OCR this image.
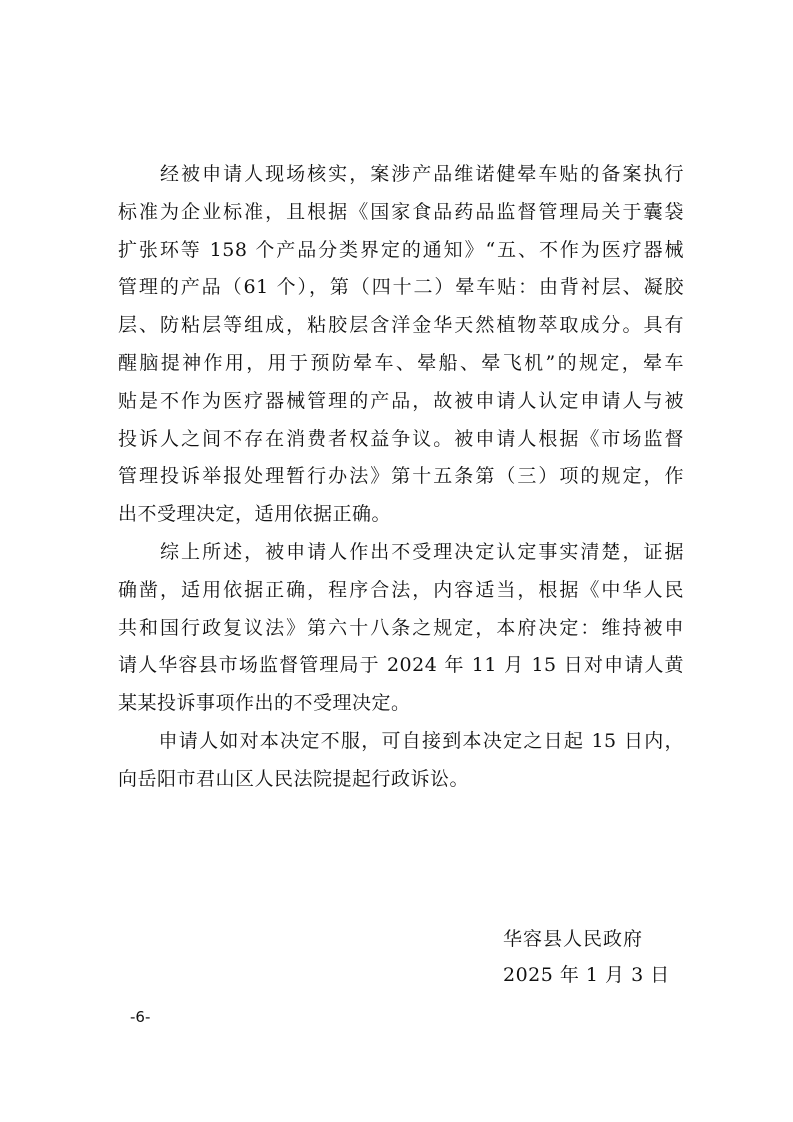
　　经被申请人现场核实，案涉产品维诺健晕车贴的备案执行
标准为企业标准，且根据《国家食品药品监督管理局关于囊袋
扩张环等 158 个产品分类界定的通知》“五、不作为医疗器械
管理的产品（61 个），第（四十二）晕车贴：由背衬层、凝胶
层、防粘层等组成，粘胶层含洋金华天然植物萃取成分。具有
醒脑提神作用，用于预防晕车、晕船、晕飞机”的规定，晕车
贴是不作为医疗器械管理的产品，故被申请人认定申请人与被
投诉人之间不存在消费者权益争议。被申请人根据《市场监督
管理投诉举报处理暂行办法》第十五条第（三）项的规定，作
出不受理决定，适用依据正确。
　　综上所述，被申请人作出不受理决定认定事实清楚，证据
确凿，适用依据正确，程序合法，内容适当，根据《中华人民
共和国行政复议法》第六十八条之规定，本府决定：维持被申
请人华容县市场监督管理局于 2024 年 11 月 15 日对申请人黄
某某投诉事项作出的不受理决定。
　　申请人如对本决定不服，可自接到本决定之日起 15 日内，
向岳阳市君山区人民法院提起行政诉讼。
华容县人民政府
2025 年 1 月 3 日
-6-
